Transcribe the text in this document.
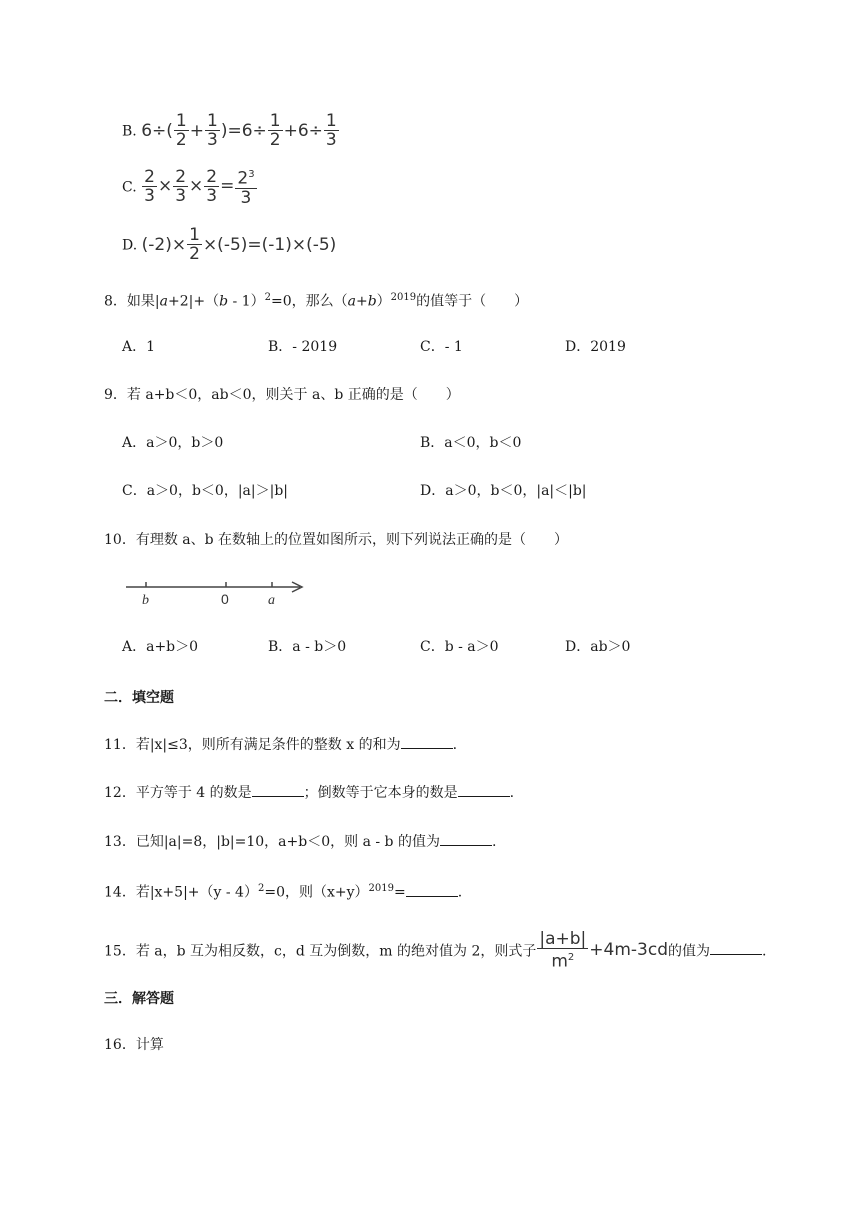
B. $6\div( \frac{1}{2} + \frac{1}{3} )=6\div \frac{1}{2} +6\div \frac{1}{3}$
C. $\frac{2}{3} \times \frac{2}{3} \times \frac{2}{3} = \frac{2^3}{3}$
D. $(-2)\times \frac{1}{2} \times(-5)=(-1)\times(-5)$
8．如果|a+2|+（b - 1）$^2$=0，那么$(a+b)^{2019}$的值等于（　　）
A．1	B．- 2019	C．- 1	D．2019
9．若 a+b＜0，ab＜0，则关于 a、b 正确的是（　　）
A．a＞0，b＞0	B．a＜0，b＜0
C．a＞0，b＜0，|a|＞|b|	D．a＞0，b＜0，|a|＜|b|
10．有理数 a、b 在数轴上的位置如图所示，则下列说法正确的是（　　）
b	0	a
A．a+b＞0	B．a - b＞0	C．b - a＞0	D．ab＞0
二．填空题
11．若|x|≤3，则所有满足条件的整数 x 的和为	.
12．平方等于 4 的数是	；倒数等于它本身的数是	.
13．已知|a|=8，|b|=10，a+b＜0，则 a - b 的值为	.
14．若|x+5|+（y - 4）$^2$=0，则$(x+y)^{2019}=$	.
15．若 a，b 互为相反数，c，d 互为倒数，m 的绝对值为 2，则式子 $\frac{|a+b|}{m^2} +4m-3cd$的值为	.
三．解答题
16．计算
